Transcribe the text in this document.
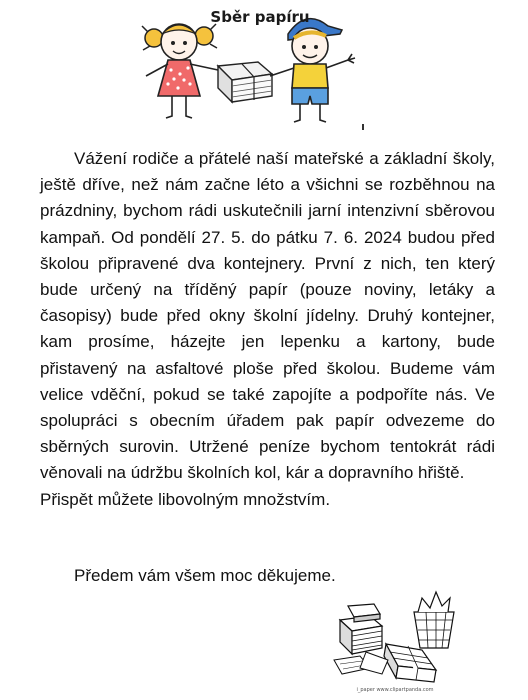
Sběr papíru

Vážení rodiče a přátelé naší mateřské a základní školy, ještě dříve, než nám začne léto a všichni se rozběhnou na prázdniny, bychom rádi uskutečnili jarní intenzivní sběrovou kampaň. Od pondělí 27. 5. do pátku 7. 6. 2024 budou před školou připravené dva kontejnery. První z nich, ten který bude určený na tříděný papír (pouze noviny, letáky a časopisy) bude před okny školní jídelny. Druhý kontejner, kam prosíme, házejte jen lepenku a kartony, bude přistavený na asfaltové ploše před školou. Budeme vám velice vděční, pokud se také zapojíte a podpoříte nás. Ve spolupráci s obecním úřadem pak papír odvezeme do sběrných surovin. Utržené peníze bychom tentokrát rádi věnovali na údržbu školních kol, kár a dopravního hřiště.

Přispět můžete libovolným množstvím.

Předem vám všem moc děkujeme.

i_paper www.clipartpanda.com
